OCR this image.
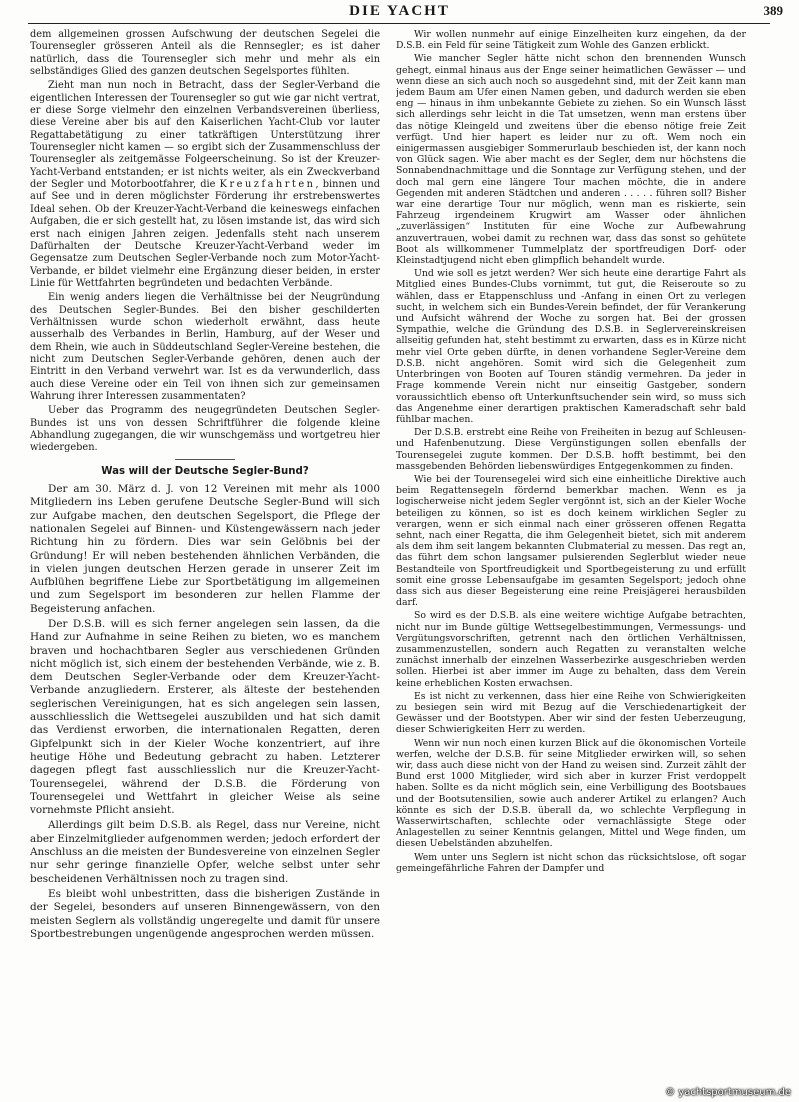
DIE YACHT	389

dem allgemeinen grossen Aufschwung der deutschen Segelei die Tourensegler grösseren Anteil als die Rennsegler; es ist daher natürlich, dass die Tourensegler sich mehr und mehr als ein selbständiges Glied des ganzen deutschen Segelsportes fühlten.

Zieht man nun noch in Betracht, dass der Segler-Verband die eigentlichen Interessen der Tourensegler so gut wie gar nicht vertrat, er diese Sorge vielmehr den einzelnen Verbandsvereinen überliess, diese Vereine aber bis auf den Kaiserlichen Yacht-Club vor lauter Regattabetätigung zu einer tatkräftigen Unterstützung ihrer Tourensegler nicht kamen — so ergibt sich der Zusammenschluss der Tourensegler als zeitgemässe Folgeerscheinung. So ist der Kreuzer-Yacht-Verband entstanden; er ist nichts weiter, als ein Zweckverband der Segler und Motorbootfahrer, die Kreuzfahrten, binnen und auf See und in deren möglichster Förderung ihr erstrebenswertes Ideal sehen. Ob der Kreuzer-Yacht-Verband die keineswegs einfachen Aufgaben, die er sich gestellt hat, zu lösen imstande ist, das wird sich erst nach einigen Jahren zeigen. Jedenfalls steht nach unserem Dafürhalten der Deutsche Kreuzer-Yacht-Verband weder im Gegensatze zum Deutschen Segler-Verbande noch zum Motor-Yacht-Verbande, er bildet vielmehr eine Ergänzung dieser beiden, in erster Linie für Wettfahrten begründeten und bedachten Verbände.

Ein wenig anders liegen die Verhältnisse bei der Neugründung des Deutschen Segler-Bundes. Bei den bisher geschilderten Verhältnissen wurde schon wiederholt erwähnt, dass heute ausserhalb des Verbandes in Berlin, Hamburg, auf der Weser und dem Rhein, wie auch in Süddeutschland Segler-Vereine bestehen, die nicht zum Deutschen Segler-Verbande gehören, denen auch der Eintritt in den Verband verwehrt war. Ist es da verwunderlich, dass auch diese Vereine oder ein Teil von ihnen sich zur gemeinsamen Wahrung ihrer Interessen zusammentaten?

Ueber das Programm des neugegründeten Deutschen Segler-Bundes ist uns von dessen Schriftführer die folgende kleine Abhandlung zugegangen, die wir wunschgemäss und wortgetreu hier wiedergeben.

Was will der Deutsche Segler-Bund?

Der am 30. März d. J. von 12 Vereinen mit mehr als 1000 Mitgliedern ins Leben gerufene Deutsche Segler-Bund will sich zur Aufgabe machen, den deutschen Segelsport, die Pflege der nationalen Segelei auf Binnen- und Küstengewässern nach jeder Richtung hin zu fördern. Dies war sein Gelöbnis bei der Gründung! Er will neben bestehenden ähnlichen Verbänden, die in vielen jungen deutschen Herzen gerade in unserer Zeit im Aufblühen begriffene Liebe zur Sportbetätigung im allgemeinen und zum Segelsport im besonderen zur hellen Flamme der Begeisterung anfachen.

Der D.S.B. will es sich ferner angelegen sein lassen, da die Hand zur Aufnahme in seine Reihen zu bieten, wo es manchem braven und hochachtbaren Segler aus verschiedenen Gründen nicht möglich ist, sich einem der bestehenden Verbände, wie z. B. dem Deutschen Segler-Verbande oder dem Kreuzer-Yacht-Verbande anzugliedern. Ersterer, als älteste der bestehenden seglerischen Vereinigungen, hat es sich angelegen sein lassen, ausschliesslich die Wettsegelei auszubilden und hat sich damit das Verdienst erworben, die internationalen Regatten, deren Gipfelpunkt sich in der Kieler Woche konzentriert, auf ihre heutige Höhe und Bedeutung gebracht zu haben. Letzterer dagegen pflegt fast ausschliesslich nur die Kreuzer-Yacht-Tourensegelei, während der D.S.B. die Förderung von Tourensegelei und Wettfahrt in gleicher Weise als seine vornehmste Pflicht ansieht.

Allerdings gilt beim D.S.B. als Regel, dass nur Vereine, nicht aber Einzelmitglieder aufgenommen werden; jedoch erfordert der Anschluss an die meisten der Bundesvereine von einzelnen Segler nur sehr geringe finanzielle Opfer, welche selbst unter sehr bescheidenen Verhältnissen noch zu tragen sind.

Es bleibt wohl unbestritten, dass die bisherigen Zustände in der Segelei, besonders auf unseren Binnengewässern, von den meisten Seglern als vollständig ungeregelte und damit für unsere Sportbestrebungen ungenügende angesprochen werden müssen.

Wir wollen nunmehr auf einige Einzelheiten kurz eingehen, da der D.S.B. ein Feld für seine Tätigkeit zum Wohle des Ganzen erblickt.

Wie mancher Segler hätte nicht schon den brennenden Wunsch gehegt, einmal hinaus aus der Enge seiner heimatlichen Gewässer — und wenn diese an sich auch noch so ausgedehnt sind, mit der Zeit kann man jedem Baum am Ufer einen Namen geben, und dadurch werden sie eben eng — hinaus in ihm unbekannte Gebiete zu ziehen. So ein Wunsch lässt sich allerdings sehr leicht in die Tat umsetzen, wenn man erstens über das nötige Kleingeld und zweitens über die ebenso nötige freie Zeit verfügt. Und hier hapert es leider nur zu oft. Wem noch ein einigermassen ausgiebiger Sommerurlaub beschieden ist, der kann noch von Glück sagen. Wie aber macht es der Segler, dem nur höchstens die Sonnabendnachmittage und die Sonntage zur Verfügung stehen, und der doch mal gern eine längere Tour machen möchte, die in andere Gegenden mit anderen Städtchen und anderen . . . . . führen soll? Bisher war eine derartige Tour nur möglich, wenn man es riskierte, sein Fahrzeug irgendeinem Krugwirt am Wasser oder ähnlichen „zuverlässigen“ Instituten für eine Woche zur Aufbewahrung anzuvertrauen, wobei damit zu rechnen war, dass das sonst so gehütete Boot als willkommener Tummelplatz der sportfreudigen Dorf- oder Kleinstadtjugend nicht eben glimpflich behandelt wurde.

Und wie soll es jetzt werden? Wer sich heute eine derartige Fahrt als Mitglied eines Bundes-Clubs vornimmt, tut gut, die Reiseroute so zu wählen, dass er Etappenschluss und -Anfang in einen Ort zu verlegen sucht, in welchem sich ein Bundes-Verein befindet, der für Verankerung und Aufsicht während der Woche zu sorgen hat. Bei der grossen Sympathie, welche die Gründung des D.S.B. in Seglervereinskreisen allseitig gefunden hat, steht bestimmt zu erwarten, dass es in Kürze nicht mehr viel Orte geben dürfte, in denen vorhandene Segler-Vereine dem D.S.B. nicht angehören. Somit wird sich die Gelegenheit zum Unterbringen von Booten auf Touren ständig vermehren. Da jeder in Frage kommende Verein nicht nur einseitig Gastgeber, sondern voraussichtlich ebenso oft Unterkunftsuchender sein wird, so muss sich das Angenehme einer derartigen praktischen Kameradschaft sehr bald fühlbar machen.

Der D.S.B. erstrebt eine Reihe von Freiheiten in bezug auf Schleusen- und Hafenbenutzung. Diese Vergünstigungen sollen ebenfalls der Tourensegelei zugute kommen. Der D.S.B. hofft bestimmt, bei den massgebenden Behörden liebenswürdiges Entgegenkommen zu finden.

Wie bei der Tourensegelei wird sich eine einheitliche Direktive auch beim Regattensegeln fördernd bemerkbar machen. Wenn es ja logischerweise nicht jedem Segler vergönnt ist, sich an der Kieler Woche beteiligen zu können, so ist es doch keinem wirklichen Segler zu verargen, wenn er sich einmal nach einer grösseren offenen Regatta sehnt, nach einer Regatta, die ihm Gelegenheit bietet, sich mit anderem als dem ihm seit langem bekannten Clubmaterial zu messen. Das regt an, das führt dem schon langsamer pulsierenden Seglerblut wieder neue Bestandteile von Sportfreudigkeit und Sportbegeisterung zu und erfüllt somit eine grosse Lebensaufgabe im gesamten Segelsport; jedoch ohne dass sich aus dieser Begeisterung eine reine Preisjägerei herausbilden darf.

So wird es der D.S.B. als eine weitere wichtige Aufgabe betrachten, nicht nur im Bunde gültige Wettsegelbestimmungen, Vermessungs- und Vergütungsvorschriften, getrennt nach den örtlichen Verhältnissen, zusammenzustellen, sondern auch Regatten zu veranstalten welche zunächst innerhalb der einzelnen Wasserbezirke ausgeschrieben werden sollen. Hierbei ist aber immer im Auge zu behalten, dass dem Verein keine erheblichen Kosten erwachsen.

Es ist nicht zu verkennen, dass hier eine Reihe von Schwierigkeiten zu besiegen sein wird mit Bezug auf die Verschiedenartigkeit der Gewässer und der Bootstypen. Aber wir sind der festen Ueberzeugung, dieser Schwierigkeiten Herr zu werden.

Wenn wir nun noch einen kurzen Blick auf die ökonomischen Vorteile werfen, welche der D.S.B. für seine Mitglieder erwirken will, so sehen wir, dass auch diese nicht von der Hand zu weisen sind. Zurzeit zählt der Bund erst 1000 Mitglieder, wird sich aber in kurzer Frist verdoppelt haben. Sollte es da nicht möglich sein, eine Verbilligung des Bootsbaues und der Bootsutensilien, sowie auch anderer Artikel zu erlangen? Auch könnte es sich der D.S.B. überall da, wo schlechte Verpflegung in Wasserwirtschaften, schlechte oder vernachlässigte Stege oder Anlagestellen zu seiner Kenntnis gelangen, Mittel und Wege finden, um diesen Uebelständen abzuhelfen.

Wem unter uns Seglern ist nicht schon das rücksichtslose, oft sogar gemeingefährliche Fahren der Dampfer und

© yachtsportmuseum.de
